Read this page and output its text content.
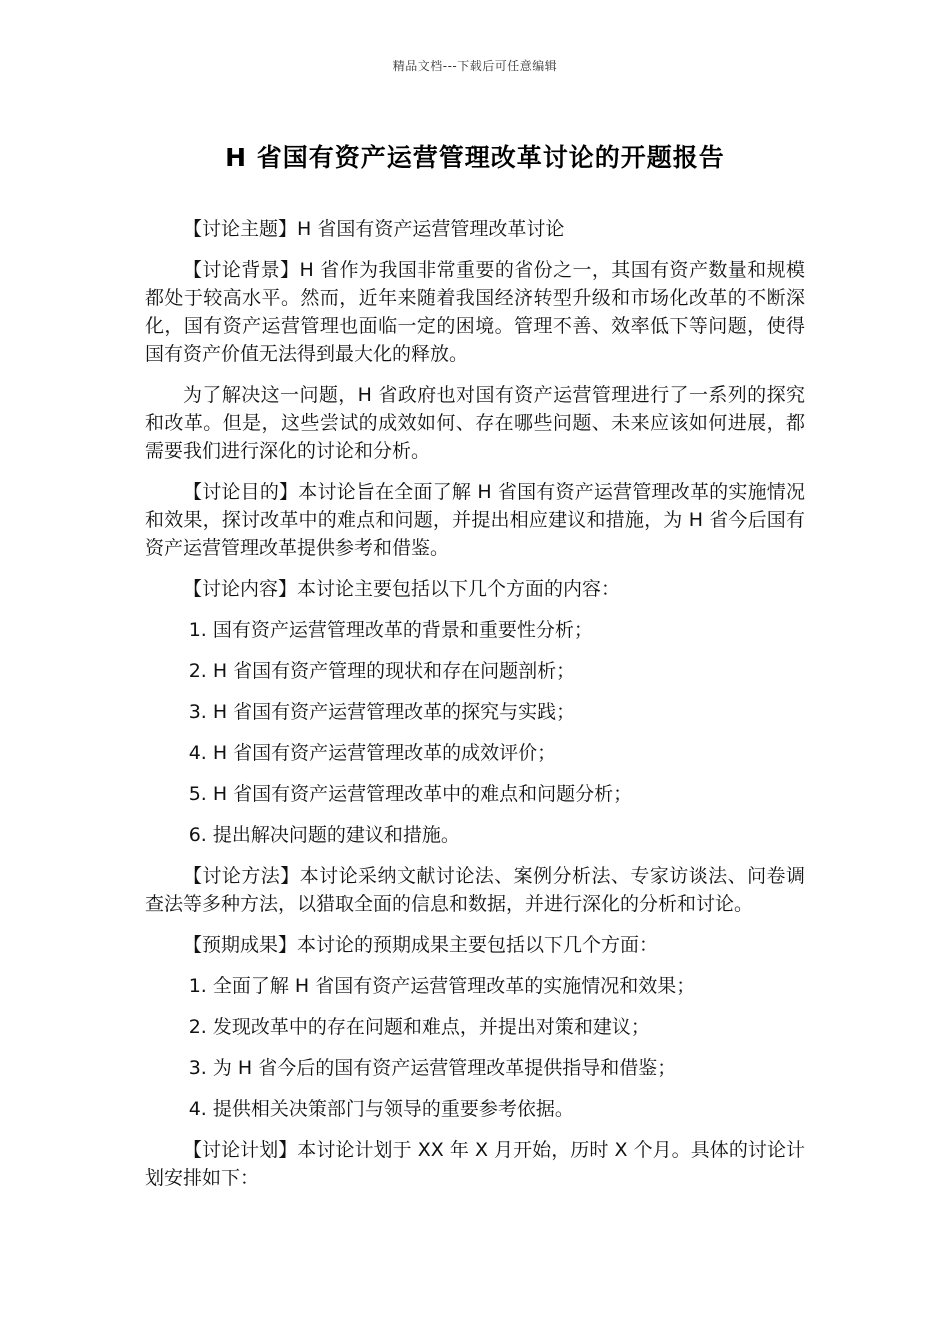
精品文档---下载后可任意编辑
H 省国有资产运营管理改革讨论的开题报告

【讨论主题】H 省国有资产运营管理改革讨论

【讨论背景】H 省作为我国非常重要的省份之一，其国有资产数量和规模都处于较高水平。然而，近年来随着我国经济转型升级和市场化改革的不断深化，国有资产运营管理也面临一定的困境。管理不善、效率低下等问题，使得国有资产价值无法得到最大化的释放。

为了解决这一问题，H 省政府也对国有资产运营管理进行了一系列的探究和改革。但是，这些尝试的成效如何、存在哪些问题、未来应该如何进展，都需要我们进行深化的讨论和分析。

【讨论目的】本讨论旨在全面了解 H 省国有资产运营管理改革的实施情况和效果，探讨改革中的难点和问题，并提出相应建议和措施，为 H 省今后国有资产运营管理改革提供参考和借鉴。

【讨论内容】本讨论主要包括以下几个方面的内容：

1. 国有资产运营管理改革的背景和重要性分析；

2. H 省国有资产管理的现状和存在问题剖析；

3. H 省国有资产运营管理改革的探究与实践；

4. H 省国有资产运营管理改革的成效评价；

5. H 省国有资产运营管理改革中的难点和问题分析；

6. 提出解决问题的建议和措施。

【讨论方法】本讨论采纳文献讨论法、案例分析法、专家访谈法、问卷调查法等多种方法，以猎取全面的信息和数据，并进行深化的分析和讨论。

【预期成果】本讨论的预期成果主要包括以下几个方面：

1. 全面了解 H 省国有资产运营管理改革的实施情况和效果；

2. 发现改革中的存在问题和难点，并提出对策和建议；

3. 为 H 省今后的国有资产运营管理改革提供指导和借鉴；

4. 提供相关决策部门与领导的重要参考依据。

【讨论计划】本讨论计划于 XX 年 X 月开始，历时 X 个月。具体的讨论计划安排如下：
